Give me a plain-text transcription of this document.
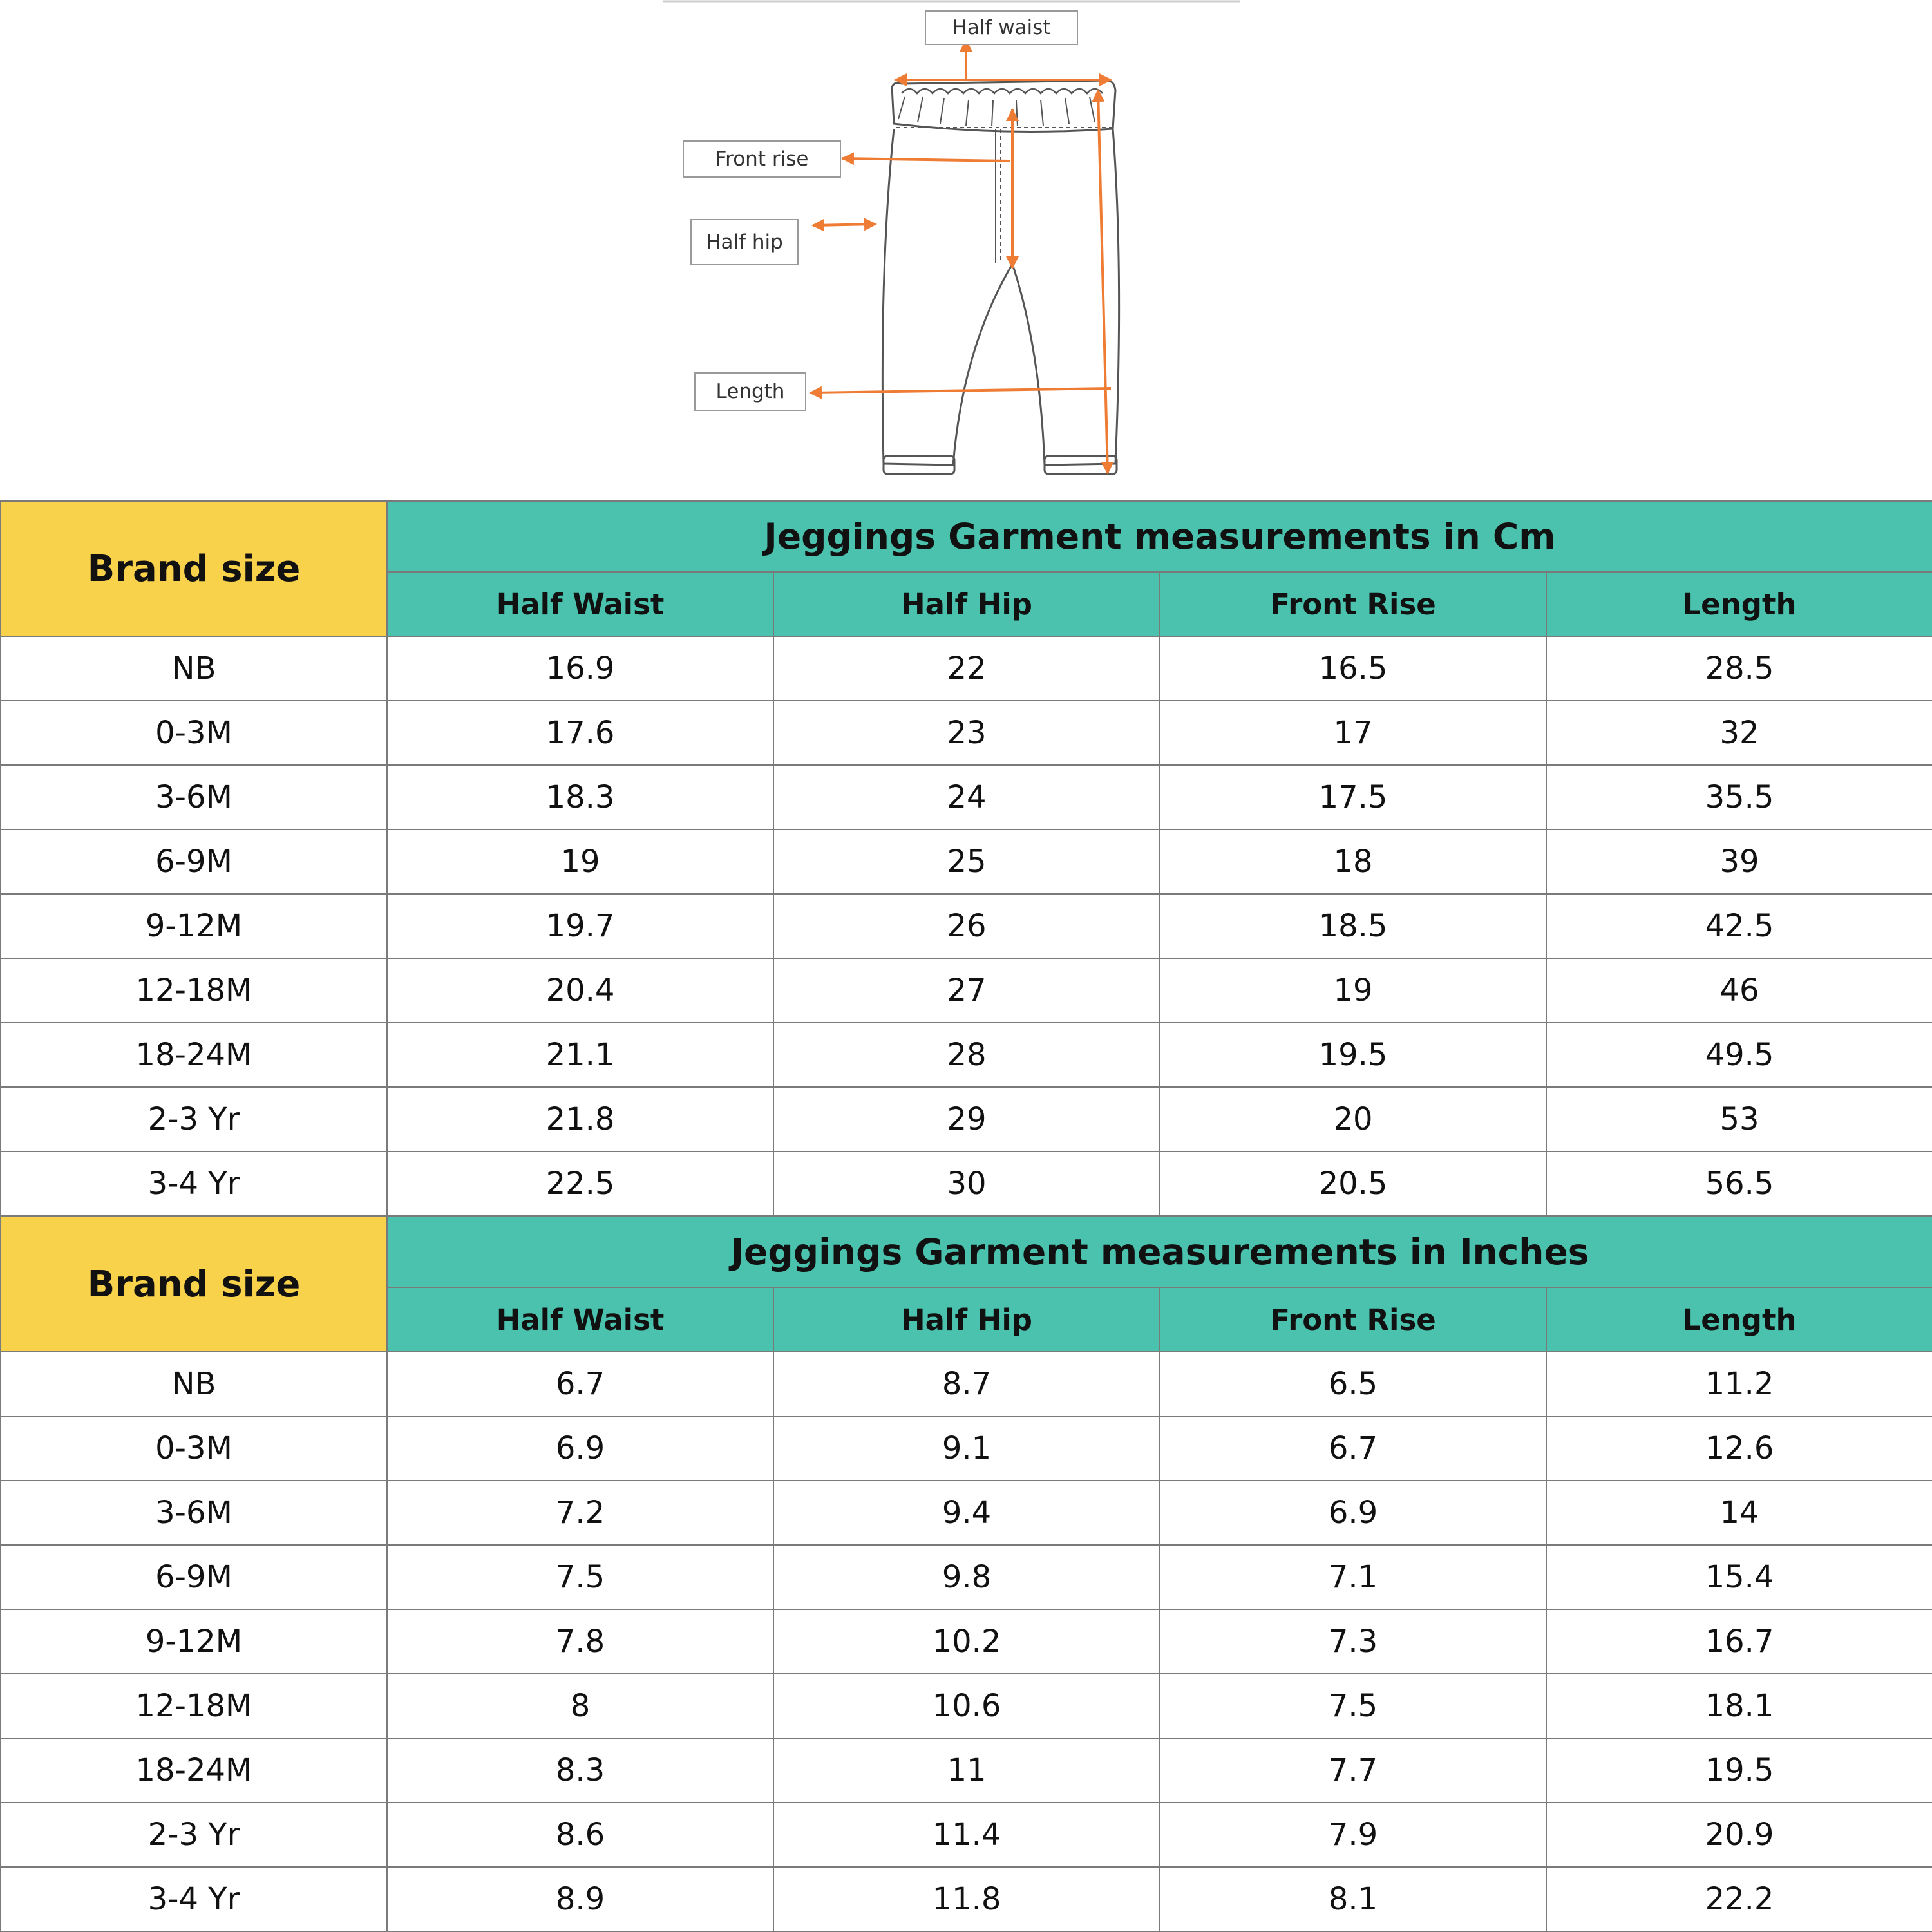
Half waist
Front rise
Half hip
Length
Brand size	Jeggings Garment measurements in Cm			
	Half Waist	Half Hip	Front Rise	Length
NB	16.9	22	16.5	28.5
0-3M	17.6	23	17	32
3-6M	18.3	24	17.5	35.5
6-9M	19	25	18	39
9-12M	19.7	26	18.5	42.5
12-18M	20.4	27	19	46
18-24M	21.1	28	19.5	49.5
2-3 Yr	21.8	29	20	53
3-4 Yr	22.5	30	20.5	56.5
Brand size	Jeggings Garment measurements in Inches			
	Half Waist	Half Hip	Front Rise	Length
NB	6.7	8.7	6.5	11.2
0-3M	6.9	9.1	6.7	12.6
3-6M	7.2	9.4	6.9	14
6-9M	7.5	9.8	7.1	15.4
9-12M	7.8	10.2	7.3	16.7
12-18M	8	10.6	7.5	18.1
18-24M	8.3	11	7.7	19.5
2-3 Yr	8.6	11.4	7.9	20.9
3-4 Yr	8.9	11.8	8.1	22.2
